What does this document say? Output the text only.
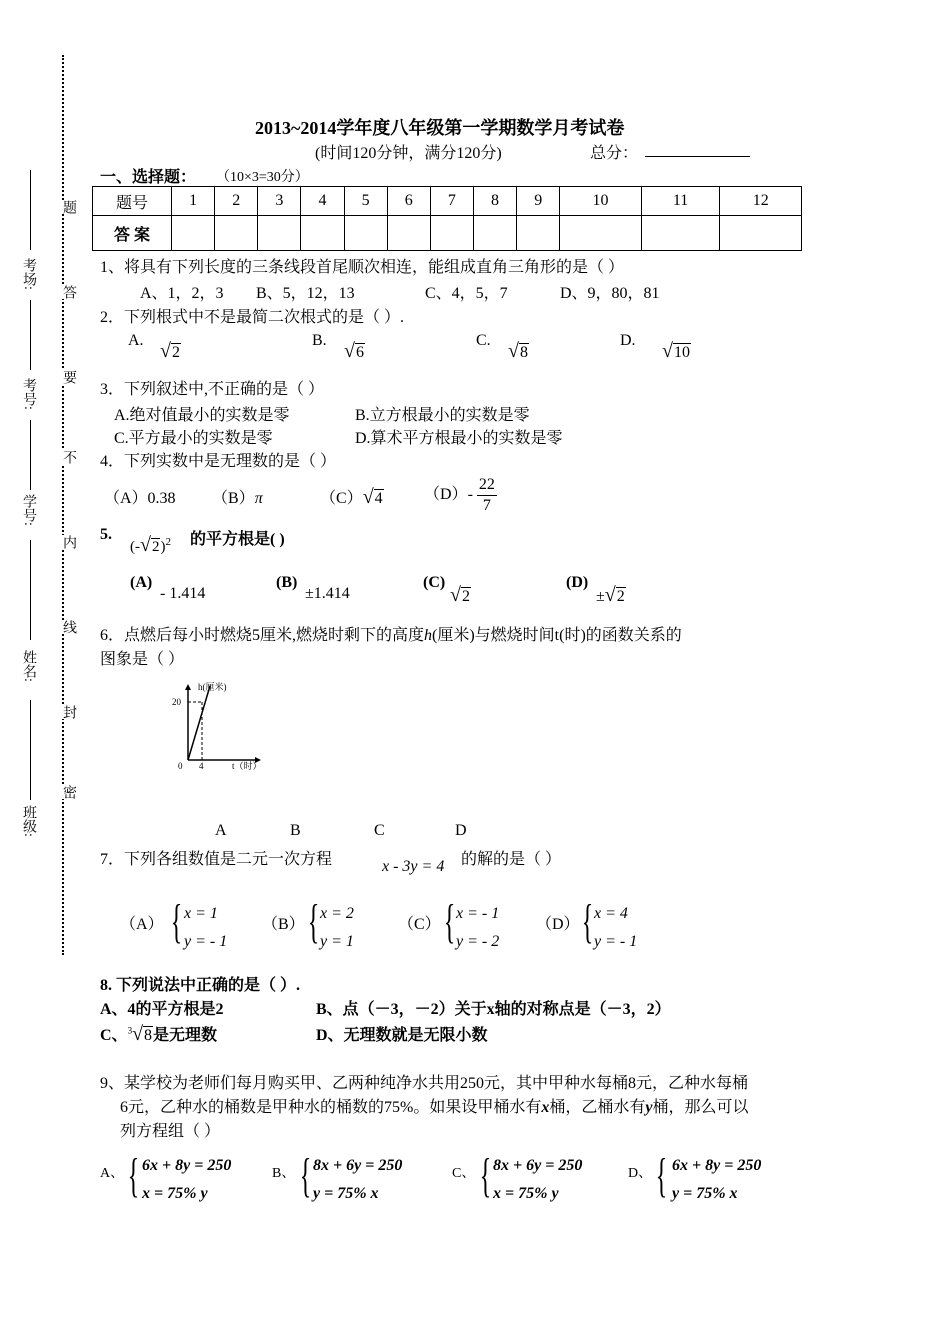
考场:
考号:
学号:
姓名:
班级:
题
答
要
不
内
线
封
密
2013~2014学年度八年级第一学期数学月考试卷
(时间120分钟，满分120分)	总分：
一、选择题： （10×3=30分）
题号	1	2	3	4	5	6	7	8	9	10	11	12
答 案												
1、将具有下列长度的三条线段首尾顺次相连，能组成直角三角形的是（ ）
A、1，2，3 B、5，12，13	C、4，5，7	D、9，80，81
2．下列根式中不是最简二次根式的是（ ）.
A. √2
B. √6
C. √8
D. √10
3．下列叙述中,不正确的是（ ）
A.绝对值最小的实数是零	B.立方根最小的实数是零
C.平方最小的实数是零	D.算术平方根最小的实数是零
4．下列实数中是无理数的是（ ）
（A）0.38 （B）π	（C）√4	$(D)- \frac{22}{7}$
5.
$(-√2)^2$ 的平方根是( )
(A)
- 1.414
(B)
±1.414
(C)
√2
(D)
±√2
6．点燃后每小时燃烧5厘米,燃烧时剩下的高度h(厘米)与燃烧时间t(时)的函数关系的
图象是（ ）
h(厘米)
20
0 4	t（时）
A	B	C	D
7．下列各组数值是二元一次方程	x - 3y = 4 的解的是（ ）
（A） { x = 1
y = - 1
（B） { x = 2
y = 1
（C） { x = - 1
y = - 2
（D） { x = 4
y = - 1
8. 下列说法中正确的是（ ）.
A、4的平方根是2	B、点（－3，－2）关于x轴的对称点是（－3，2）
C、$^3$√8是无理数	D、无理数就是无限小数
9、某学校为老师们每月购买甲、乙两种纯净水共用250元，其中甲种水每桶8元，乙种水每桶
6元，乙种水的桶数是甲种水的桶数的75%。如果设甲桶水有x桶，乙桶水有y桶，那么可以
列方程组（ ）
A、 { 6x + 8y = 250
x = 75% y
B、 { 8x + 6y = 250
y = 75% x
C、 { 8x + 6y = 250
x = 75% y
D、 { 6x + 8y = 250
y = 75% x
